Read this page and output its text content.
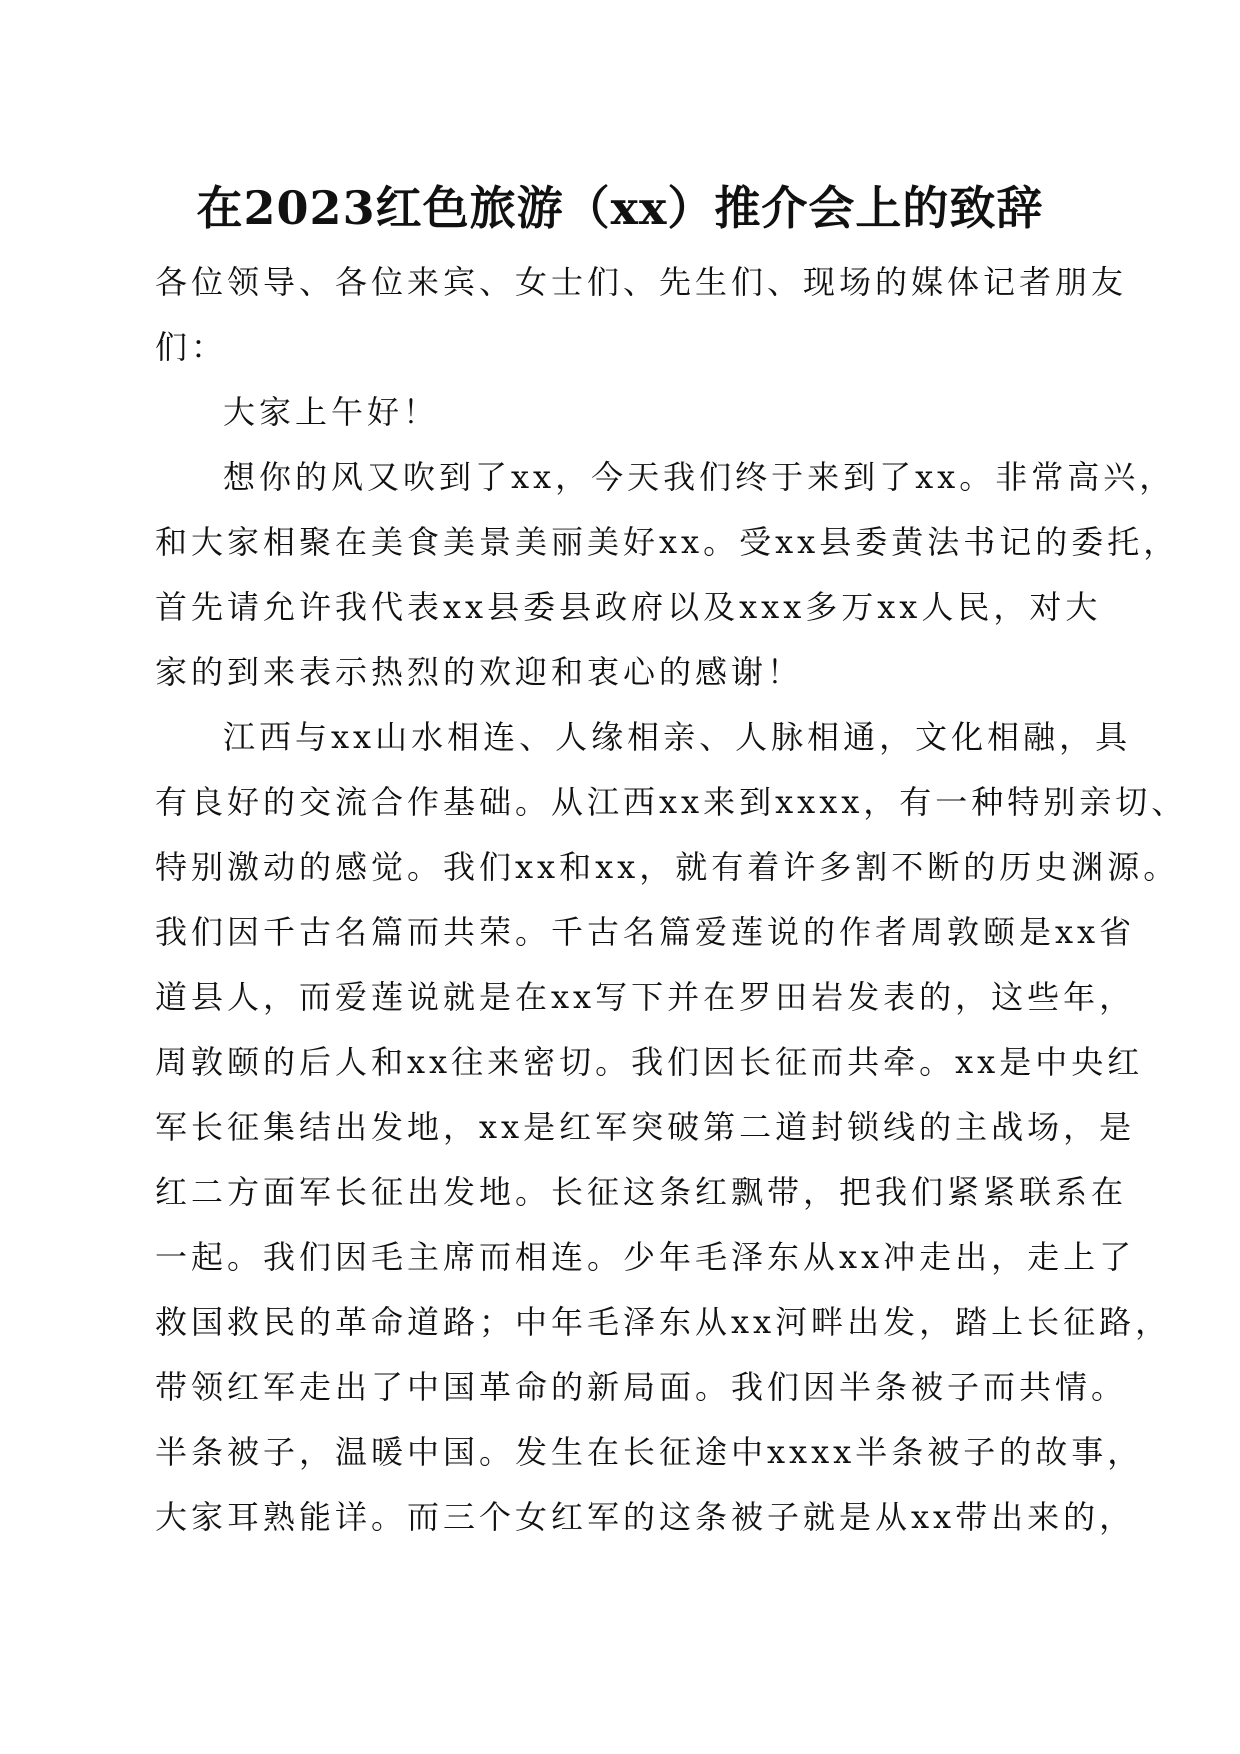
在2023红色旅游（xx）推介会上的致辞
各位领导、各位来宾、女士们、先生们、现场的媒体记者朋友
们：
大家上午好！
想你的风又吹到了xx，今天我们终于来到了xx。非常高兴，
和大家相聚在美食美景美丽美好xx。受xx县委黄法书记的委托，
首先请允许我代表xx县委县政府以及xxx多万xx人民，对大
家的到来表示热烈的欢迎和衷心的感谢！
江西与xx山水相连、人缘相亲、人脉相通，文化相融，具
有良好的交流合作基础。从江西xx来到xxxx，有一种特别亲切、
特别激动的感觉。我们xx和xx，就有着许多割不断的历史渊源。
我们因千古名篇而共荣。千古名篇爱莲说的作者周敦颐是xx省
道县人，而爱莲说就是在xx写下并在罗田岩发表的，这些年，
周敦颐的后人和xx往来密切。我们因长征而共牵。xx是中央红
军长征集结出发地，xx是红军突破第二道封锁线的主战场，是
红二方面军长征出发地。长征这条红飘带，把我们紧紧联系在
一起。我们因毛主席而相连。少年毛泽东从xx冲走出，走上了
救国救民的革命道路；中年毛泽东从xx河畔出发，踏上长征路，
带领红军走出了中国革命的新局面。我们因半条被子而共情。
半条被子，温暖中国。发生在长征途中xxxx半条被子的故事，
大家耳熟能详。而三个女红军的这条被子就是从xx带出来的，
